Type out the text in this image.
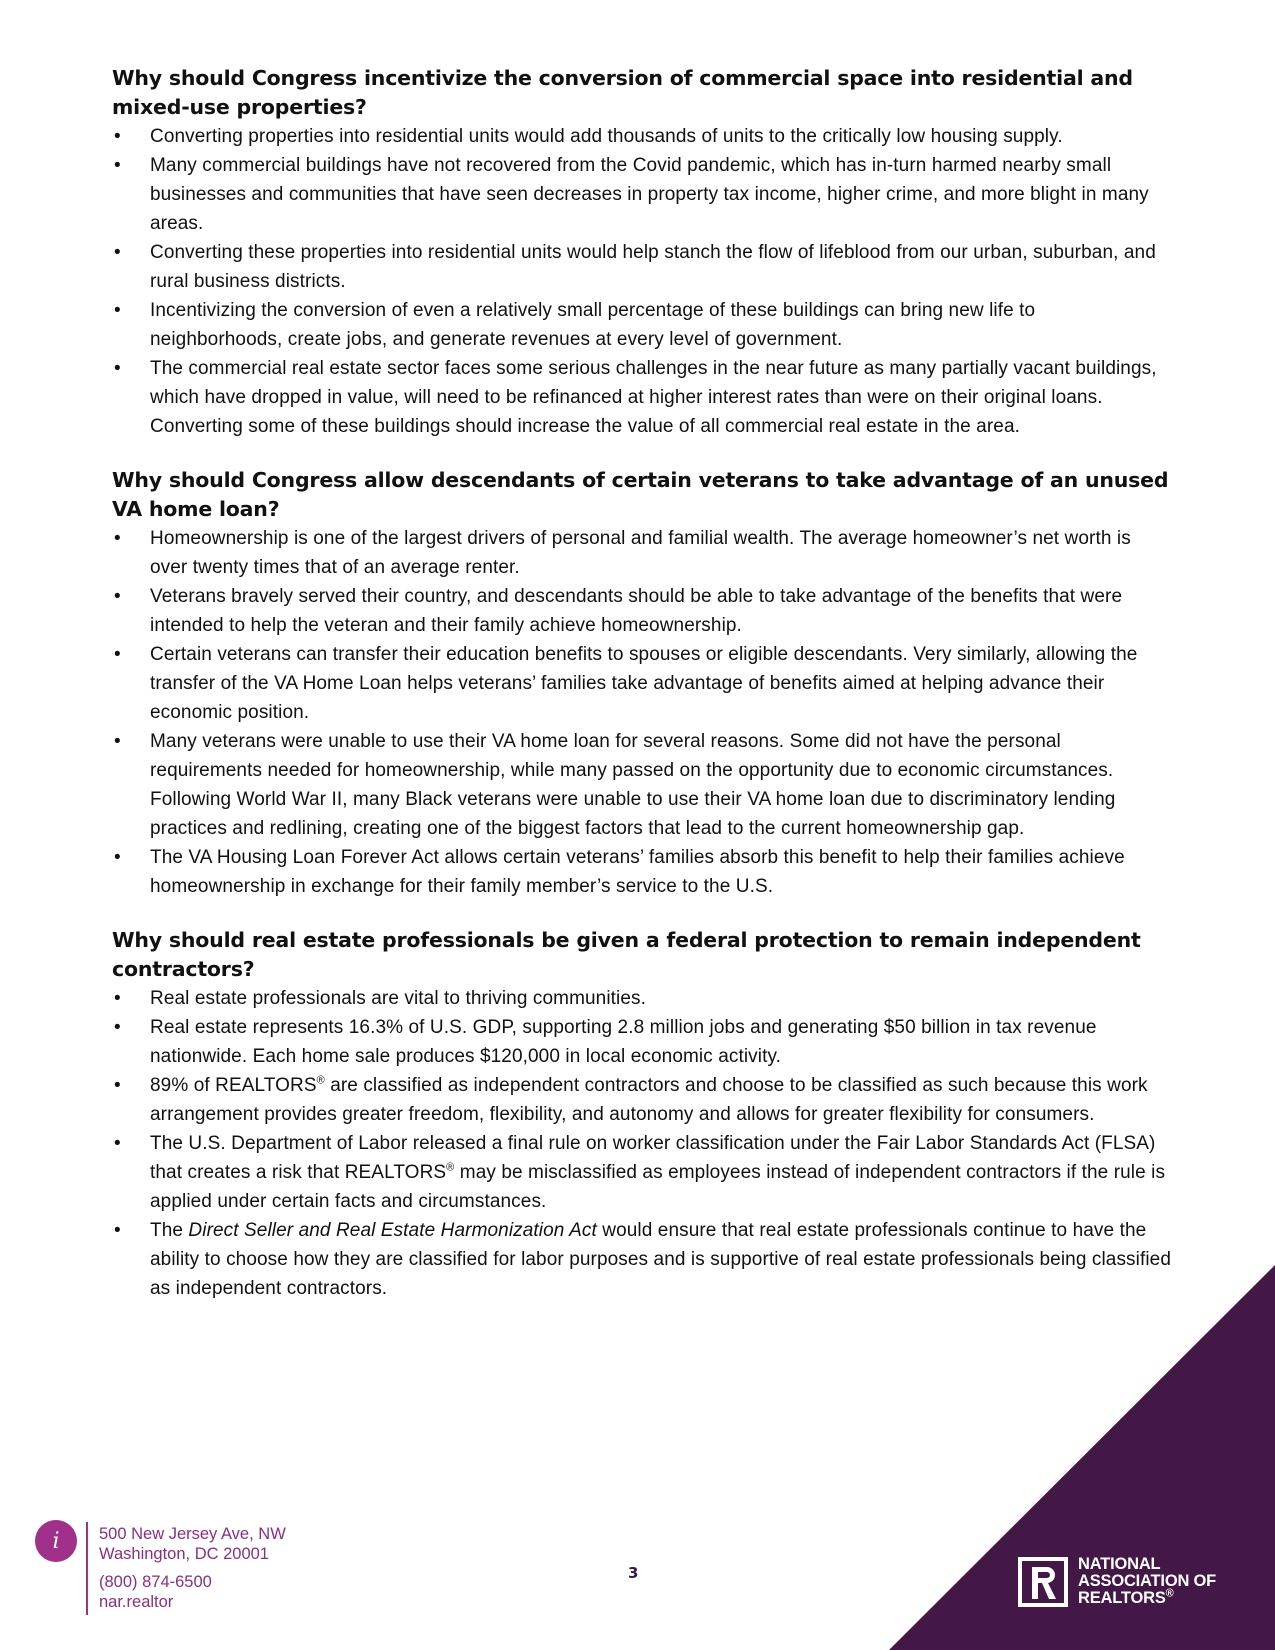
Why should Congress incentivize the conversion of commercial space into residential and mixed-use properties?

• Converting properties into residential units would add thousands of units to the critically low housing supply.
• Many commercial buildings have not recovered from the Covid pandemic, which has in-turn harmed nearby small businesses and communities that have seen decreases in property tax income, higher crime, and more blight in many areas.
• Converting these properties into residential units would help stanch the flow of lifeblood from our urban, suburban, and rural business districts.
• Incentivizing the conversion of even a relatively small percentage of these buildings can bring new life to neighborhoods, create jobs, and generate revenues at every level of government.
• The commercial real estate sector faces some serious challenges in the near future as many partially vacant buildings, which have dropped in value, will need to be refinanced at higher interest rates than were on their original loans. Converting some of these buildings should increase the value of all commercial real estate in the area.

Why should Congress allow descendants of certain veterans to take advantage of an unused VA home loan?

• Homeownership is one of the largest drivers of personal and familial wealth. The average homeowner’s net worth is over twenty times that of an average renter.
• Veterans bravely served their country, and descendants should be able to take advantage of the benefits that were intended to help the veteran and their family achieve homeownership.
• Certain veterans can transfer their education benefits to spouses or eligible descendants. Very similarly, allowing the transfer of the VA Home Loan helps veterans’ families take advantage of benefits aimed at helping advance their economic position.
• Many veterans were unable to use their VA home loan for several reasons. Some did not have the personal requirements needed for homeownership, while many passed on the opportunity due to economic circumstances. Following World War II, many Black veterans were unable to use their VA home loan due to discriminatory lending practices and redlining, creating one of the biggest factors that lead to the current homeownership gap.
• The VA Housing Loan Forever Act allows certain veterans’ families absorb this benefit to help their families achieve homeownership in exchange for their family member’s service to the U.S.

Why should real estate professionals be given a federal protection to remain independent contractors?

• Real estate professionals are vital to thriving communities.
• Real estate represents 16.3% of U.S. GDP, supporting 2.8 million jobs and generating $50 billion in tax revenue nationwide. Each home sale produces $120,000 in local economic activity.
• 89% of REALTORS® are classified as independent contractors and choose to be classified as such because this work arrangement provides greater freedom, flexibility, and autonomy and allows for greater flexibility for consumers.
• The U.S. Department of Labor released a final rule on worker classification under the Fair Labor Standards Act (FLSA) that creates a risk that REALTORS® may be misclassified as employees instead of independent contractors if the rule is applied under certain facts and circumstances.
• The Direct Seller and Real Estate Harmonization Act would ensure that real estate professionals continue to have the ability to choose how they are classified for labor purposes and is supportive of real estate professionals being classified as independent contractors.
i	500 New Jersey Ave, NW
Washington, DC 20001
(800) 874-6500
nar.realtor
3	NATIONAL
ASSOCIATION OF
REALTORS®
